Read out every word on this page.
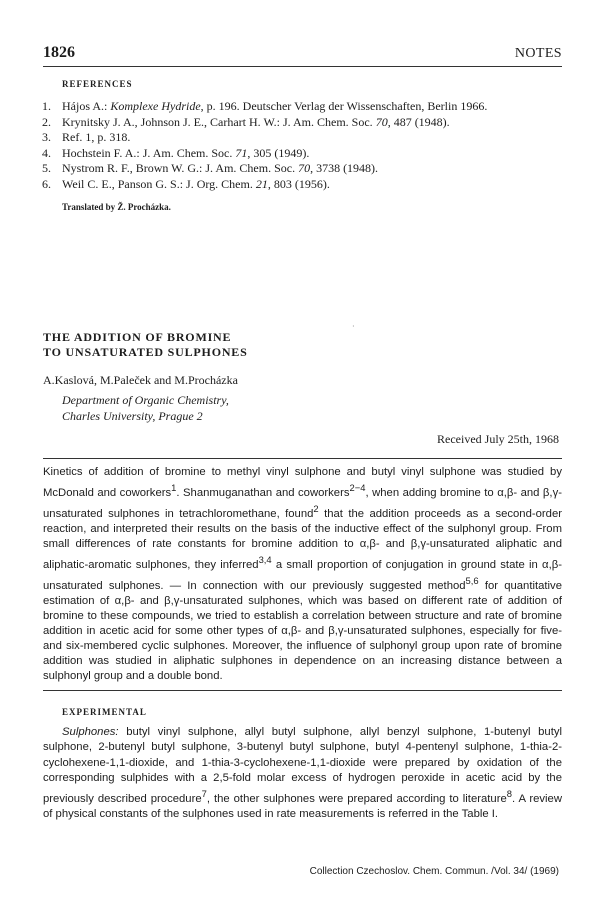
1826	NOTES
REFERENCES
1. Hájos A.: Komplexe Hydride, p. 196. Deutscher Verlag der Wissenschaften, Berlin 1966.
2. Krynitsky J. A., Johnson J. E., Carhart H. W.: J. Am. Chem. Soc. 70, 487 (1948).
3. Ref. 1, p. 318.
4. Hochstein F. A.: J. Am. Chem. Soc. 71, 305 (1949).
5. Nystrom R. F., Brown W. G.: J. Am. Chem. Soc. 70, 3738 (1948).
6. Weil C. E., Panson G. S.: J. Org. Chem. 21, 803 (1956).
Translated by Ž. Procházka.
·
THE ADDITION OF BROMINE
TO UNSATURATED SULPHONES
A.Kaslová, M.Paleček and M.Procházka
Department of Organic Chemistry,
Charles University, Prague 2
Received July 25th, 1968

Kinetics of addition of bromine to methyl vinyl sulphone and butyl vinyl sulphone was studied by McDonald and coworkers$^1$. Shanmuganathan and coworkers$^{2-4}$, when adding bromine to α,β- and β,γ-unsaturated sulphones in tetrachloromethane, found$^2$ that the addition proceeds as a second-order reaction, and interpreted their results on the basis of the inductive effect of the sulphonyl group. From small differences of rate constants for bromine addition to α,β- and β,γ-unsaturated aliphatic and aliphatic-aromatic sulphones, they inferred$^{3,4}$ a small proportion of conjugation in ground state in α,β-unsaturated sulphones. — In connection with our previously suggested method$^{5,6}$ for quantitative estimation of α,β- and β,γ-unsaturated sulphones, which was based on different rate of addition of bromine to these compounds, we tried to establish a correlation between structure and rate of bromine addition in acetic acid for some other types of α,β- and β,γ-unsaturated sulphones, especially for five- and six-membered cyclic sulphones. Moreover, the influence of sulphonyl group upon rate of bromine addition was studied in aliphatic sulphones in dependence on an increasing distance between a sulphonyl group and a double bond.

EXPERIMENTAL

Sulphones: butyl vinyl sulphone, allyl butyl sulphone, allyl benzyl sulphone, 1-butenyl butyl sulphone, 2-butenyl butyl sulphone, 3-butenyl butyl sulphone, butyl 4-pentenyl sulphone, 1-thia-2-cyclohexene-1,1-dioxide, and 1-thia-3-cyclohexene-1,1-dioxide were prepared by oxidation of the corresponding sulphides with a 2,5-fold molar excess of hydrogen peroxide in acetic acid by the previously described procedure$^7$, the other sulphones were prepared according to literature$^8$. A review of physical constants of the sulphones used in rate measurements is referred in the Table I.

Collection Czechoslov. Chem. Commun. /Vol. 34/ (1969)
